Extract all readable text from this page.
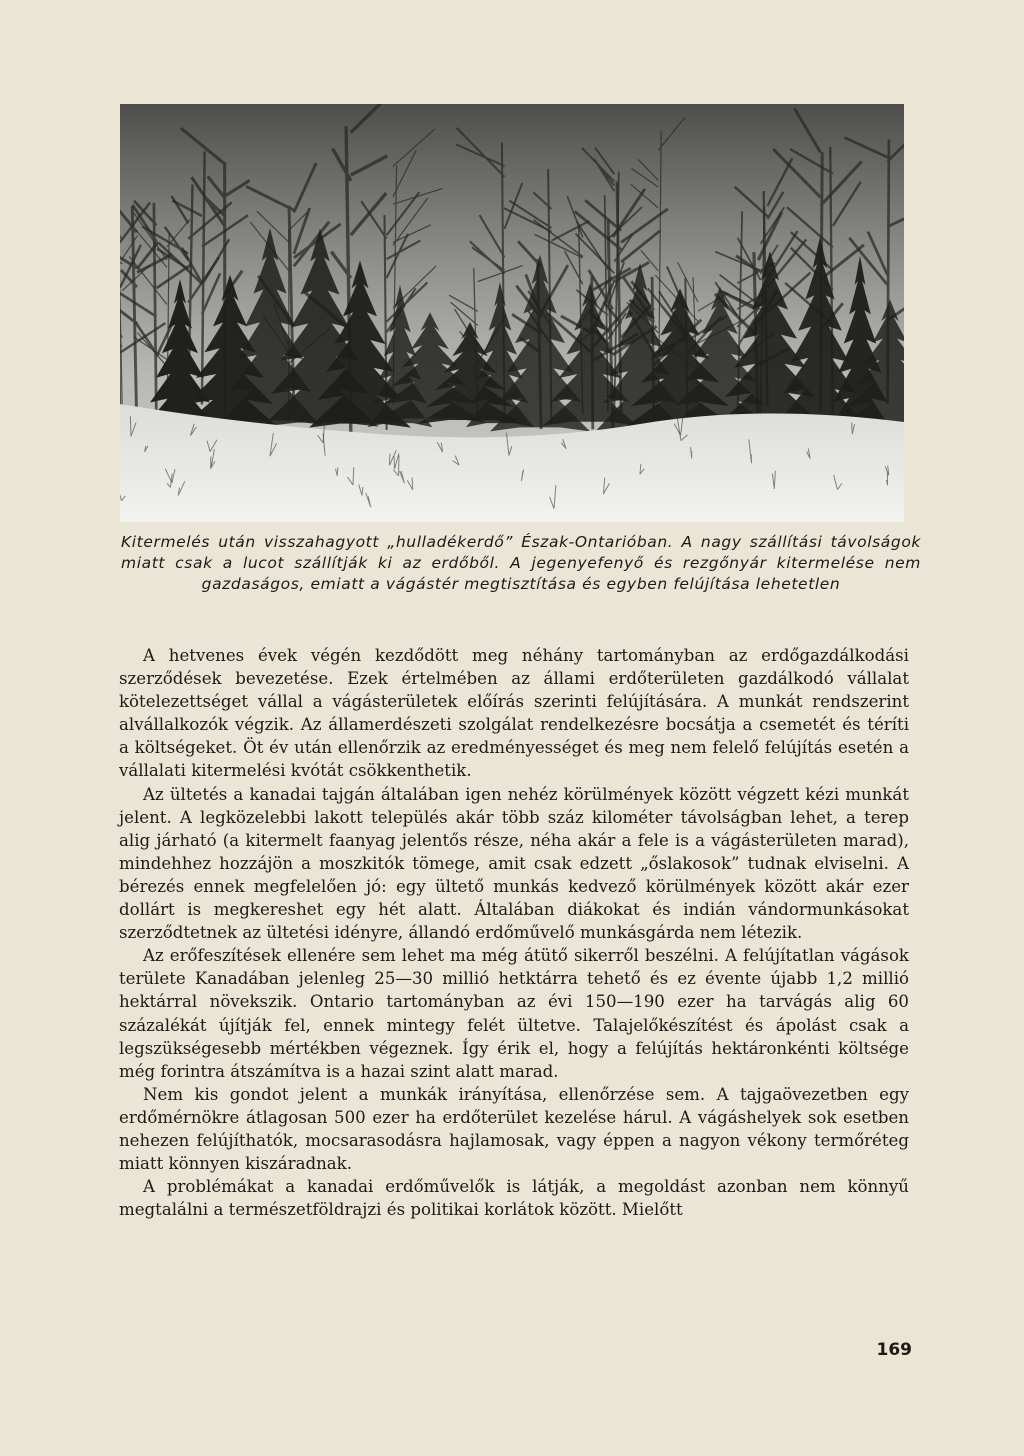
Kitermelés után visszahagyott „hulladékerdő” Észak-Ontarióban. A nagy szállítási távolságok miatt csak a lucot szállítják ki az erdőből. A jegenyefenyő és rezgőnyár kitermelése nem gazdaságos, emiatt a vágástér megtisztítása és egyben felújítása lehetetlen

A hetvenes évek végén kezdődött meg néhány tartományban az erdőgazdálkodási szerződések bevezetése. Ezek értelmében az állami erdőterületen gazdálkodó vállalat kötelezettséget vállal a vágásterületek előírás szerinti felújítására. A munkát rendszerint alvállalkozók végzik. Az államerdészeti szolgálat rendelkezésre bocsátja a csemetét és téríti a költségeket. Öt év után ellenőrzik az eredményességet és meg nem felelő felújítás esetén a vállalati kitermelési kvótát csökkenthetik.

Az ültetés a kanadai tajgán általában igen nehéz körülmények között végzett kézi munkát jelent. A legközelebbi lakott település akár több száz kilométer távolságban lehet, a terep alig járható (a kitermelt faanyag jelentős része, néha akár a fele is a vágásterületen marad), mindehhez hozzájön a moszkitók tömege, amit csak edzett „őslakosok” tudnak elviselni. A bérezés ennek megfelelően jó: egy ültető munkás kedvező körülmények között akár ezer dollárt is megkereshet egy hét alatt. Általában diákokat és indián vándormunkásokat szerződtetnek az ültetési idényre, állandó erdőművelő munkásgárda nem létezik.

Az erőfeszítések ellenére sem lehet ma még átütő sikerről beszélni. A felújítatlan vágások területe Kanadában jelenleg 25—30 millió hetktárra tehető és ez évente újabb 1,2 millió hektárral növekszik. Ontario tartományban az évi 150—190 ezer ha tarvágás alig 60 százalékát újítják fel, ennek mintegy felét ültetve. Talajelőkészítést és ápolást csak a legszükségesebb mértékben végeznek. Így érik el, hogy a felújítás hektáronkénti költsége még forintra átszámítva is a hazai szint alatt marad.

Nem kis gondot jelent a munkák irányítása, ellenőrzése sem. A tajgaövezetben egy erdőmérnökre átlagosan 500 ezer ha erdőterület kezelése hárul. A vágáshelyek sok esetben nehezen felújíthatók, mocsarasodásra hajlamosak, vagy éppen a nagyon vékony termőréteg miatt könnyen kiszáradnak.

A problémákat a kanadai erdőművelők is látják, a megoldást azonban nem könnyű megtalálni a természetföldrajzi és politikai korlátok között. Mielőtt

169
